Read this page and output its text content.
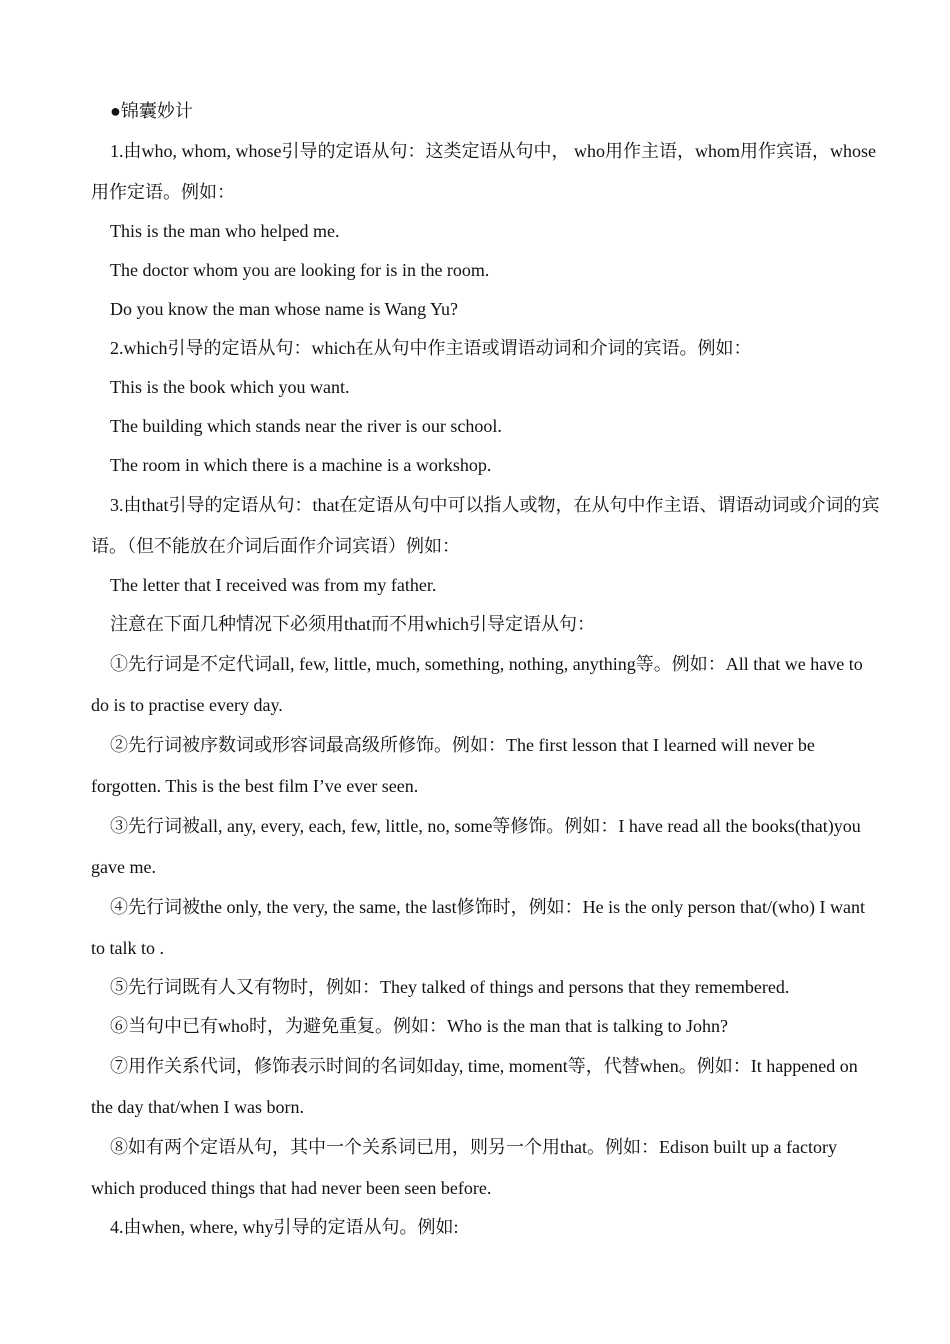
●锦囊妙计

1.由who, whom, whose引导的定语从句：这类定语从句中， who用作主语，whom用作宾语，whose用作定语。例如：

This is the man who helped me.

The doctor whom you are looking for is in the room.

Do you know the man whose name is Wang Yu?

2.which引导的定语从句：which在从句中作主语或谓语动词和介词的宾语。例如：

This is the book which you want.

The building which stands near the river is our school.

The room in which there is a machine is a workshop.

3.由that引导的定语从句：that在定语从句中可以指人或物，在从句中作主语、谓语动词或介词的宾语。（但不能放在介词后面作介词宾语）例如：

The letter that I received was from my father.

注意在下面几种情况下必须用that而不用which引导定语从句：

①先行词是不定代词all, few, little, much, something, nothing, anything等。例如：All that we have to do is to practise every day.

②先行词被序数词或形容词最高级所修饰。例如：The first lesson that I learned will never be forgotten. This is the best film I’ve ever seen.

③先行词被all, any, every, each, few, little, no, some等修饰。例如：I have read all the books(that)you gave me.

④先行词被the only, the very, the same, the last修饰时，例如：He is the only person that/(who) I want to talk to .

⑤先行词既有人又有物时，例如：They talked of things and persons that they remembered.

⑥当句中已有who时，为避免重复。例如：Who is the man that is talking to John?

⑦用作关系代词，修饰表示时间的名词如day, time, moment等，代替when。例如：It happened on the day that/when I was born.

⑧如有两个定语从句，其中一个关系词已用，则另一个用that。例如：Edison built up a factory which produced things that had never been seen before.

4.由when, where, why引导的定语从句。例如:
